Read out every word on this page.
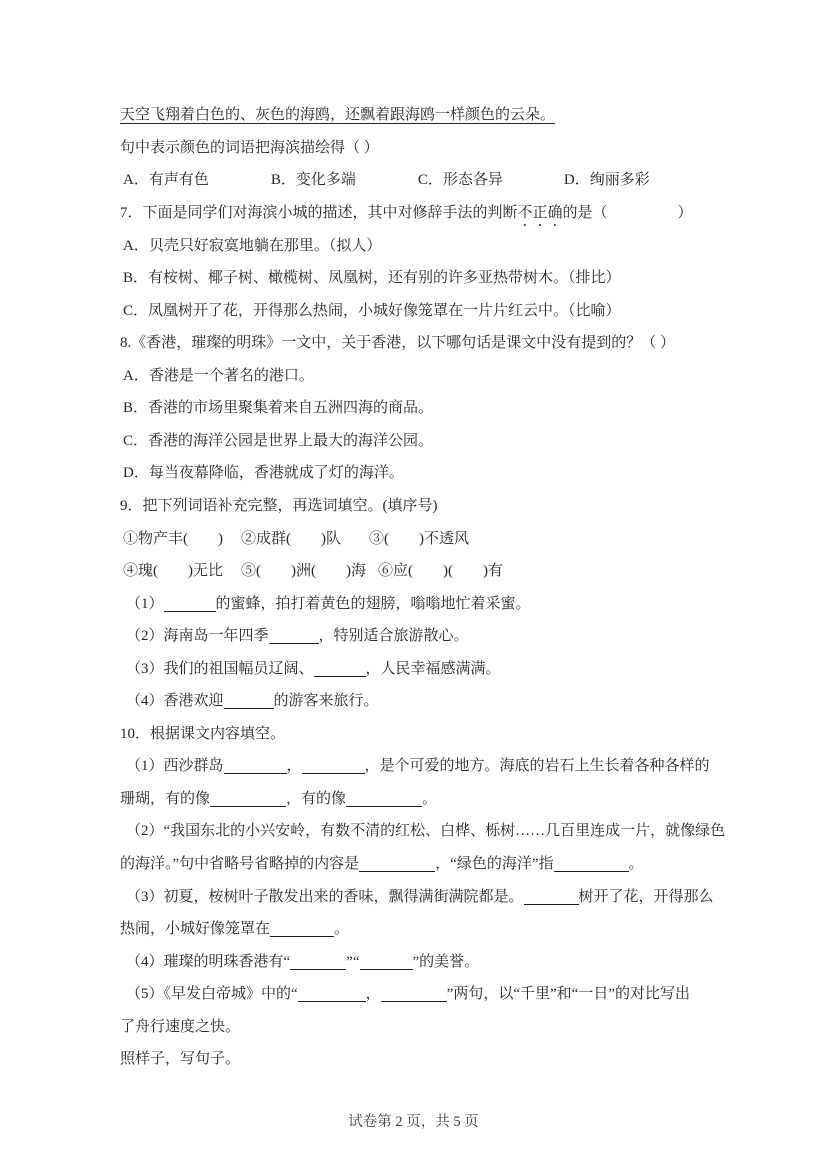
天空飞翔着白色的、灰色的海鸥，还飘着跟海鸥一样颜色的云朵。
句中表示颜色的词语把海滨描绘得（ ）
A．有声有色	B．变化多端	C．形态各异	D．绚丽多彩
7．下面是同学们对海滨小城的描述，其中对修辞手法的判断不正确的是（	）
A．贝壳只好寂寞地躺在那里。（拟人）
B．有桉树、椰子树、橄榄树、凤凰树，还有别的许多亚热带树木。（排比）
C．凤凰树开了花，开得那么热闹，小城好像笼罩在一片片红云中。（比喻）
8.《香港，璀璨的明珠》一文中，关于香港，以下哪句话是课文中没有提到的？（ ）
A．香港是一个著名的港口。
B．香港的市场里聚集着来自五洲四海的商品。
C．香港的海洋公园是世界上最大的海洋公园。
D．每当夜幕降临，香港就成了灯的海洋。
9．把下列词语补充完整，再选词填空。(填序号)
①物产丰(　　) ②成群(　　)队 ③(　　)不透风
④瑰(　　)无比 ⑤(　　)洲(　　)海 ⑥应(　　)(　　)有
（1）	的蜜蜂，拍打着黄色的翅膀，嗡嗡地忙着采蜜。
（2）海南岛一年四季	，特别适合旅游散心。
（3）我们的祖国幅员辽阔、	，人民幸福感满满。
（4）香港欢迎	的游客来旅行。
10．根据课文内容填空。
（1）西沙群岛	，	，是个可爱的地方。海底的岩石上生长着各种各样的
珊瑚，有的像	，有的像	。
（2）“我国东北的小兴安岭，有数不清的红松、白桦、栎树……几百里连成一片，就像绿色
的海洋。”句中省略号省略掉的内容是	，“绿色的海洋”指	。
（3）初夏，桉树叶子散发出来的香味，飘得满街满院都是。	树开了花，开得那么
热闹，小城好像笼罩在	。
（4）璀璨的明珠香港有“	”“	”的美誉。
（5）《早发白帝城》中的“	，	”两句，以“千里”和“一日”的对比写出
了舟行速度之快。
照样子，写句子。
试卷第 2 页，共 5 页
